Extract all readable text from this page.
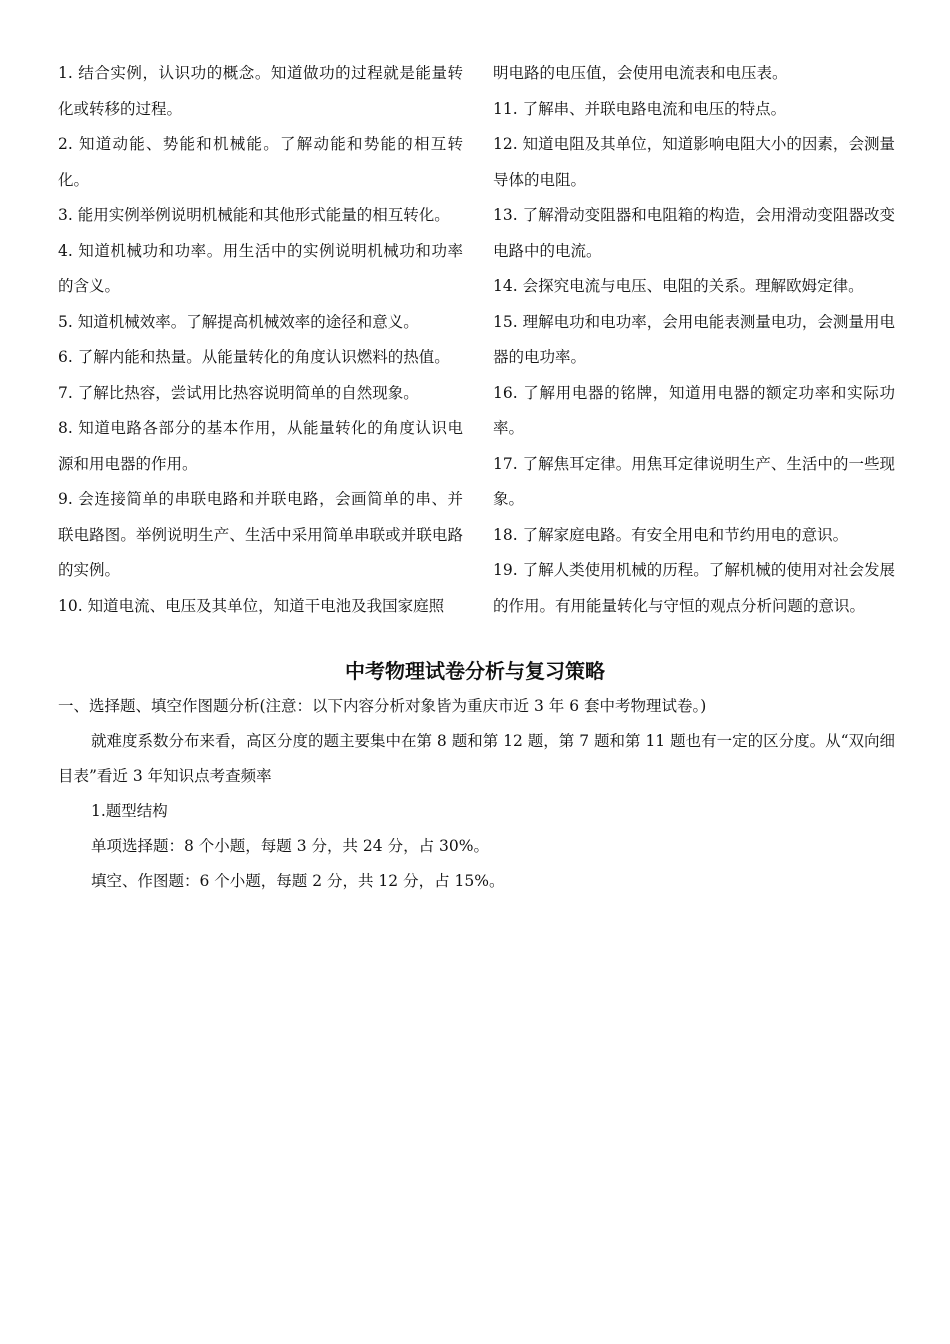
1. 结合实例，认识功的概念。知道做功的过程就是能量转化或转移的过程。

2. 知道动能、势能和机械能。了解动能和势能的相互转化。

3. 能用实例举例说明机械能和其他形式能量的相互转化。

4. 知道机械功和功率。用生活中的实例说明机械功和功率的含义。

5. 知道机械效率。了解提高机械效率的途径和意义。

6. 了解内能和热量。从能量转化的角度认识燃料的热值。

7. 了解比热容，尝试用比热容说明简单的自然现象。

8. 知道电路各部分的基本作用，从能量转化的角度认识电源和用电器的作用。

9. 会连接简单的串联电路和并联电路，会画简单的串、并联电路图。举例说明生产、生活中采用简单串联或并联电路的实例。

10. 知道电流、电压及其单位，知道干电池及我国家庭照

明电路的电压值，会使用电流表和电压表。

11. 了解串、并联电路电流和电压的特点。

12. 知道电阻及其单位，知道影响电阻大小的因素，会测量导体的电阻。

13. 了解滑动变阻器和电阻箱的构造，会用滑动变阻器改变电路中的电流。

14. 会探究电流与电压、电阻的关系。理解欧姆定律。

15. 理解电功和电功率，会用电能表测量电功，会测量用电器的电功率。

16. 了解用电器的铭牌，知道用电器的额定功率和实际功率。

17. 了解焦耳定律。用焦耳定律说明生产、生活中的一些现象。

18. 了解家庭电路。有安全用电和节约用电的意识。

19. 了解人类使用机械的历程。了解机械的使用对社会发展的作用。有用能量转化与守恒的观点分析问题的意识。

中考物理试卷分析与复习策略

一、选择题、填空作图题分析(注意：以下内容分析对象皆为重庆市近 3 年 6 套中考物理试卷。)

就难度系数分布来看，高区分度的题主要集中在第 8 题和第 12 题，第 7 题和第 11 题也有一定的区分度。从“双向细目表”看近 3 年知识点考查频率

1.题型结构

单项选择题：8 个小题，每题 3 分，共 24 分，占 30%。

填空、作图题：6 个小题，每题 2 分，共 12 分，占 15%。
